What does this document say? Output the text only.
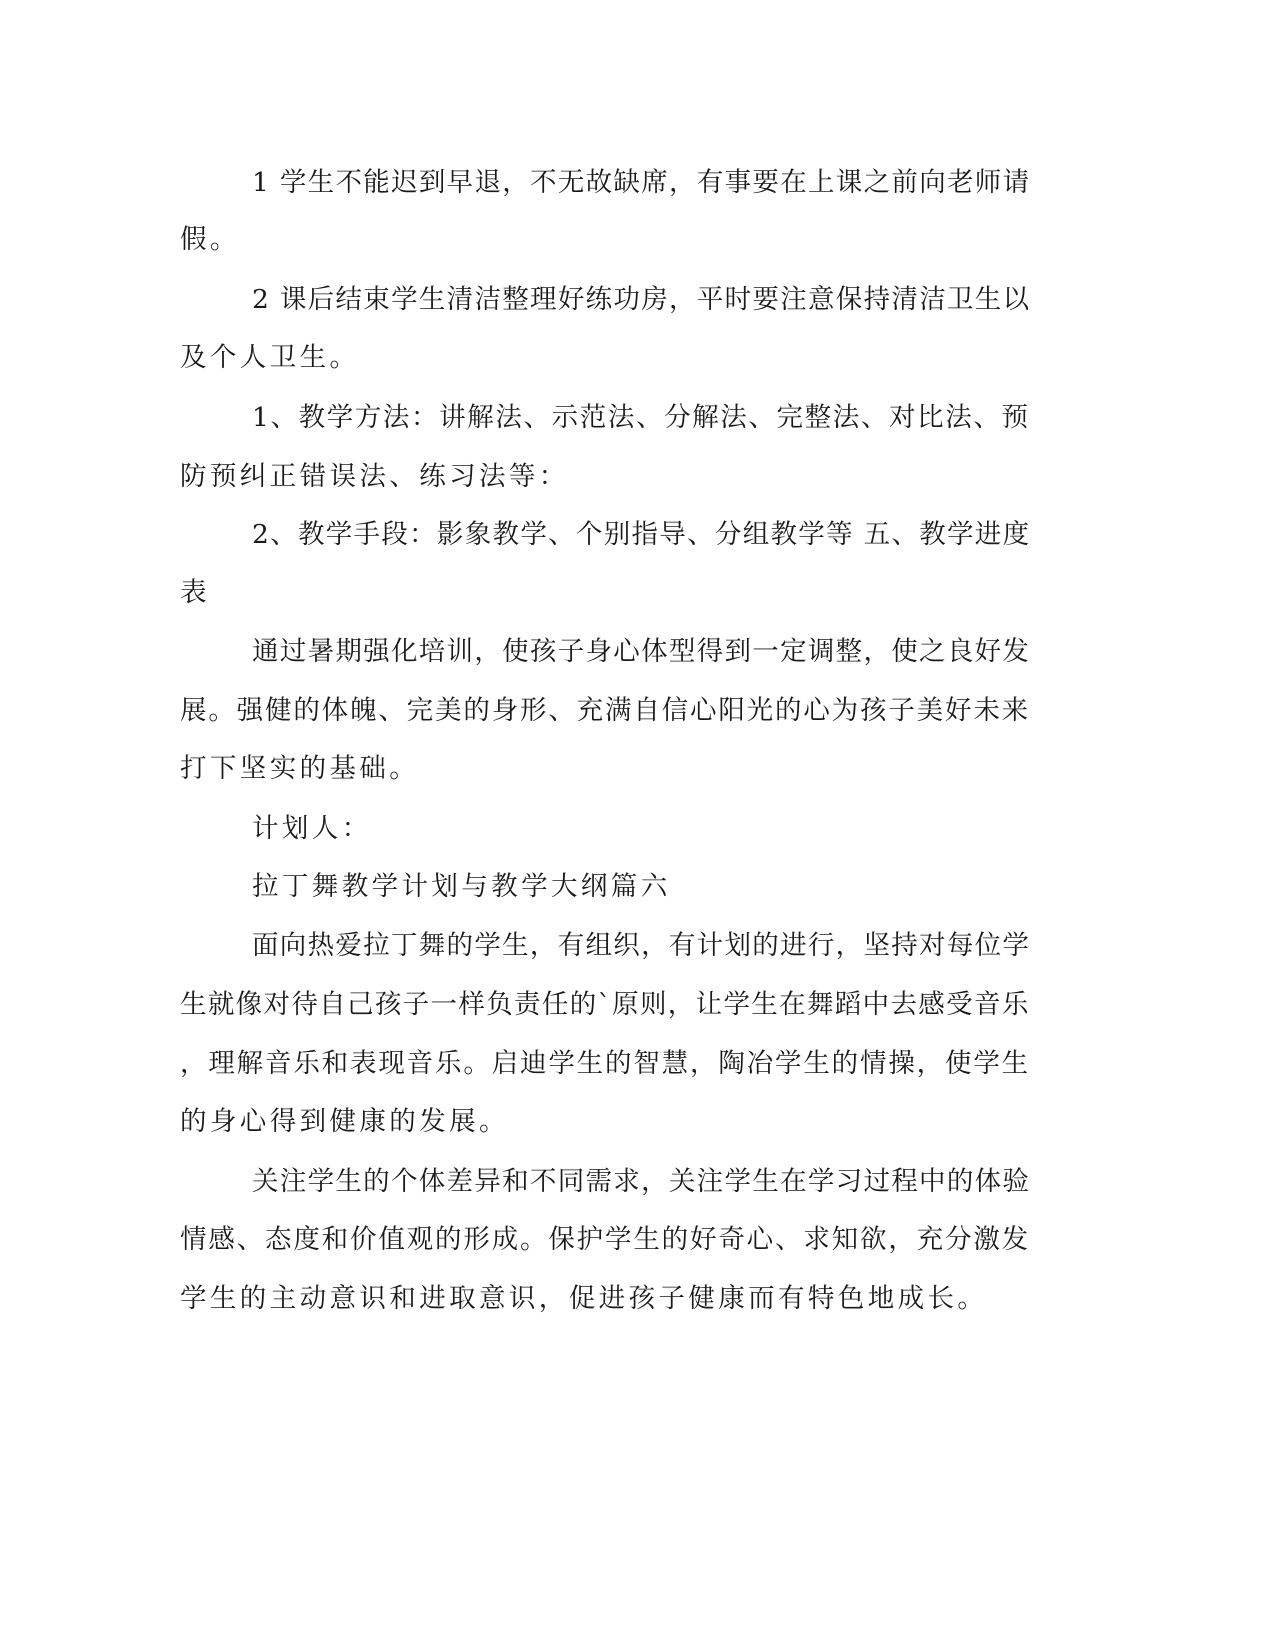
1 学生不能迟到早退，不无故缺席，有事要在上课之前向老师请

假。

2 课后结束学生清洁整理好练功房，平时要注意保持清洁卫生以

及个人卫生。

1、教学方法：讲解法、示范法、分解法、完整法、对比法、预

防预纠正错误法、练习法等：

2、教学手段：影象教学、个别指导、分组教学等 五、教学进度

表

通过暑期强化培训，使孩子身心体型得到一定调整，使之良好发

展。强健的体魄、完美的身形、充满自信心阳光的心为孩子美好未来

打下坚实的基础。

计划人：

拉丁舞教学计划与教学大纲篇六

面向热爱拉丁舞的学生，有组织，有计划的进行，坚持对每位学

生就像对待自己孩子一样负责任的`原则，让学生在舞蹈中去感受音乐

，理解音乐和表现音乐。启迪学生的智慧，陶冶学生的情操，使学生

的身心得到健康的发展。

关注学生的个体差异和不同需求，关注学生在学习过程中的体验

情感、态度和价值观的形成。保护学生的好奇心、求知欲，充分激发

学生的主动意识和进取意识，促进孩子健康而有特色地成长。
